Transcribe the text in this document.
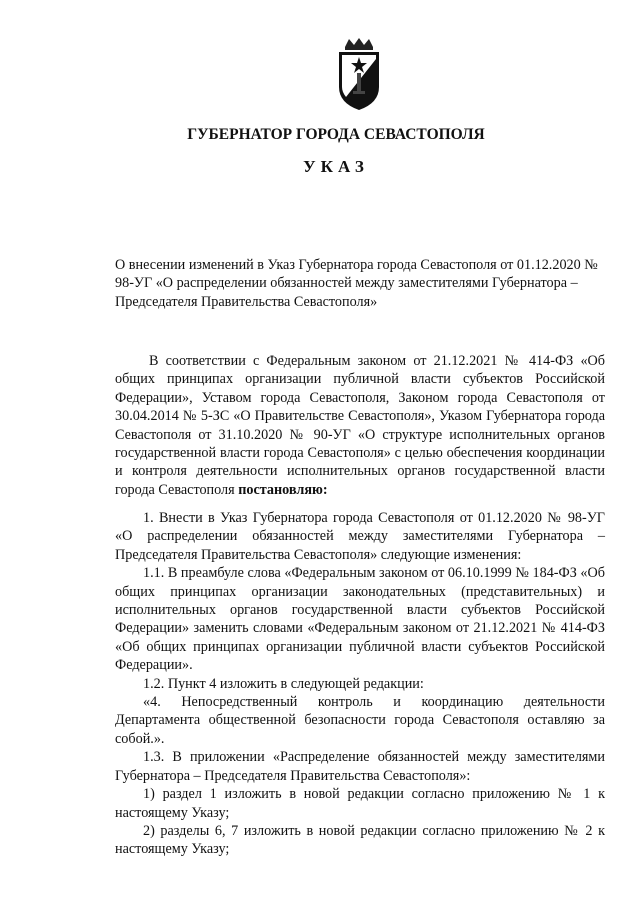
ГУБЕРНАТОР ГОРОДА СЕВАСТОПОЛЯ
УКАЗ
О внесении изменений в Указ Губернатора города Севастополя от 01.12.2020 № 98-УГ «О распределении обязанностей между заместителями Губернатора – Председателя Правительства Севастополя»
В соответствии с Федеральным законом от 21.12.2021 № 414-ФЗ «Об общих принципах организации публичной власти субъектов Российской Федерации», Уставом города Севастополя, Законом города Севастополя от 30.04.2014 № 5-ЗС «О Правительстве Севастополя», Указом Губернатора города Севастополя от 31.10.2020 № 90-УГ «О структуре исполнительных органов государственной власти города Севастополя» с целью обеспечения координации и контроля деятельности исполнительных органов государственной власти города Севастополя постановляю:

1. Внести в Указ Губернатора города Севастополя от 01.12.2020 № 98-УГ «О распределении обязанностей между заместителями Губернатора – Председателя Правительства Севастополя» следующие изменения:

1.1. В преамбуле слова «Федеральным законом от 06.10.1999 № 184-ФЗ «Об общих принципах организации законодательных (представительных) и исполнительных органов государственной власти субъектов Российской Федерации» заменить словами «Федеральным законом от 21.12.2021 № 414-ФЗ «Об общих принципах организации публичной власти субъектов Российской Федерации».

1.2. Пункт 4 изложить в следующей редакции:

«4. Непосредственный контроль и координацию деятельности Департамента общественной безопасности города Севастополя оставляю за собой.».

1.3. В приложении «Распределение обязанностей между заместителями Губернатора – Председателя Правительства Севастополя»:

1) раздел 1 изложить в новой редакции согласно приложению № 1 к настоящему Указу;

2) разделы 6, 7 изложить в новой редакции согласно приложению № 2 к настоящему Указу;
